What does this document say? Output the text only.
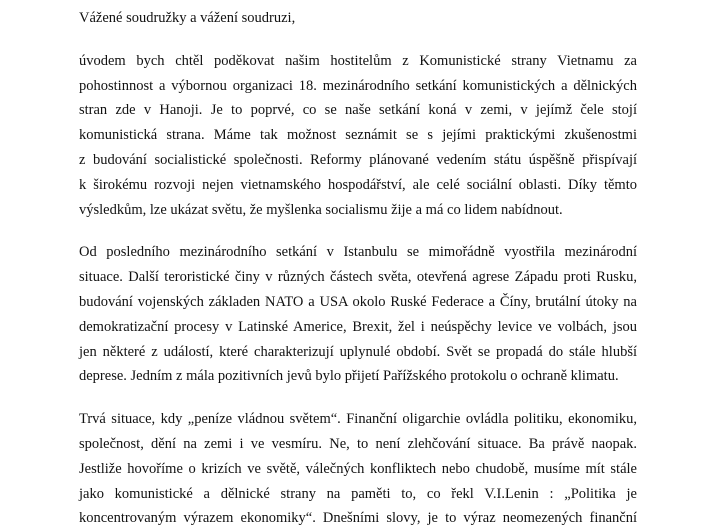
Vážené soudružky a vážení soudruzi,
úvodem bych chtěl poděkovat našim hostitelům z Komunistické strany Vietnamu za
pohostinnost a výbornou organizaci 18. mezinárodního setkání komunistických a dělnických
stran zde v Hanoji. Je to poprvé, co se naše setkání koná v zemi, v jejímž čele stojí
komunistická strana. Máme tak možnost seznámit se s jejími praktickými zkušenostmi
z budování socialistické společnosti. Reformy plánované vedením státu úspěšně přispívají
k širokému rozvoji nejen vietnamského hospodářství, ale celé sociální oblasti. Díky těmto
výsledkům, lze ukázat světu, že myšlenka socialismu žije a má co lidem nabídnout.
Od posledního mezinárodního setkání v Istanbulu se mimořádně vyostřila mezinárodní
situace. Další teroristické činy v různých částech světa, otevřená agrese Západu proti Rusku,
budování vojenských základen NATO a USA okolo Ruské Federace a Číny, brutální útoky na
demokratizační procesy v Latinské Americe, Brexit, žel i neúspěchy levice ve volbách, jsou
jen některé z událostí, které charakterizují uplynulé období. Svět se propadá do stále hlubší
deprese. Jedním z mála pozitivních jevů bylo přijetí Pařížského protokolu o ochraně klimatu.
Trvá situace, kdy „peníze vládnou světem“. Finanční oligarchie ovládla politiku, ekonomiku,
společnost, dění na zemi i ve vesmíru. Ne, to není zlehčování situace. Ba právě naopak.
Jestliže hovoříme o krizích ve světě, válečných konfliktech nebo chudobě, musíme mít stále
jako komunistické a dělnické strany na paměti to, co řekl V.I.Lenin : „Politika je
koncentrovaným výrazem ekonomiky“. Dnešními slovy, je to výraz neomezených finanční
